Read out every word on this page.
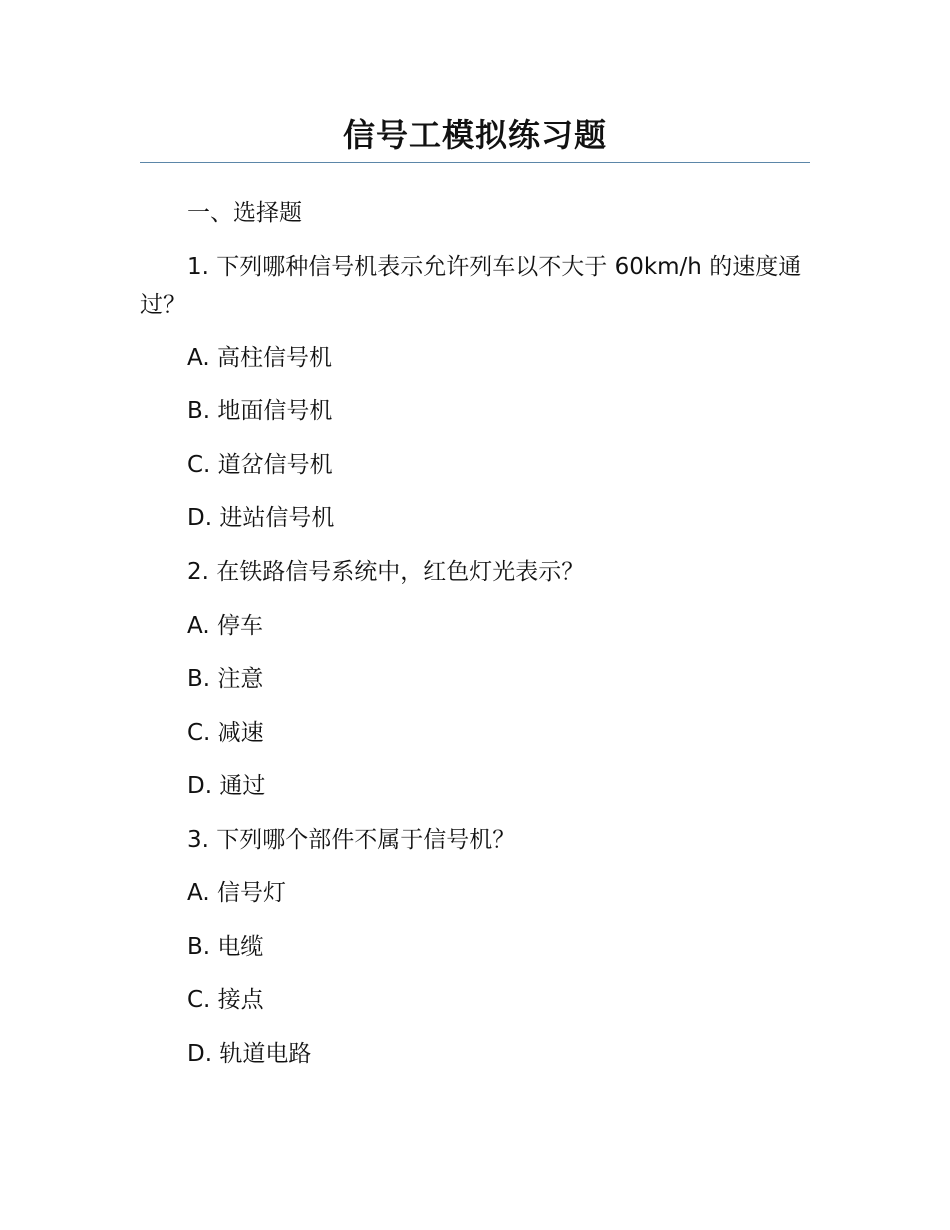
信号工模拟练习题
一、选择题
1. 下列哪种信号机表示允许列车以不大于 60km/h 的速度通过？
A. 高柱信号机
B. 地面信号机
C. 道岔信号机
D. 进站信号机
2. 在铁路信号系统中，红色灯光表示？
A. 停车
B. 注意
C. 减速
D. 通过
3. 下列哪个部件不属于信号机？
A. 信号灯
B. 电缆
C. 接点
D. 轨道电路
